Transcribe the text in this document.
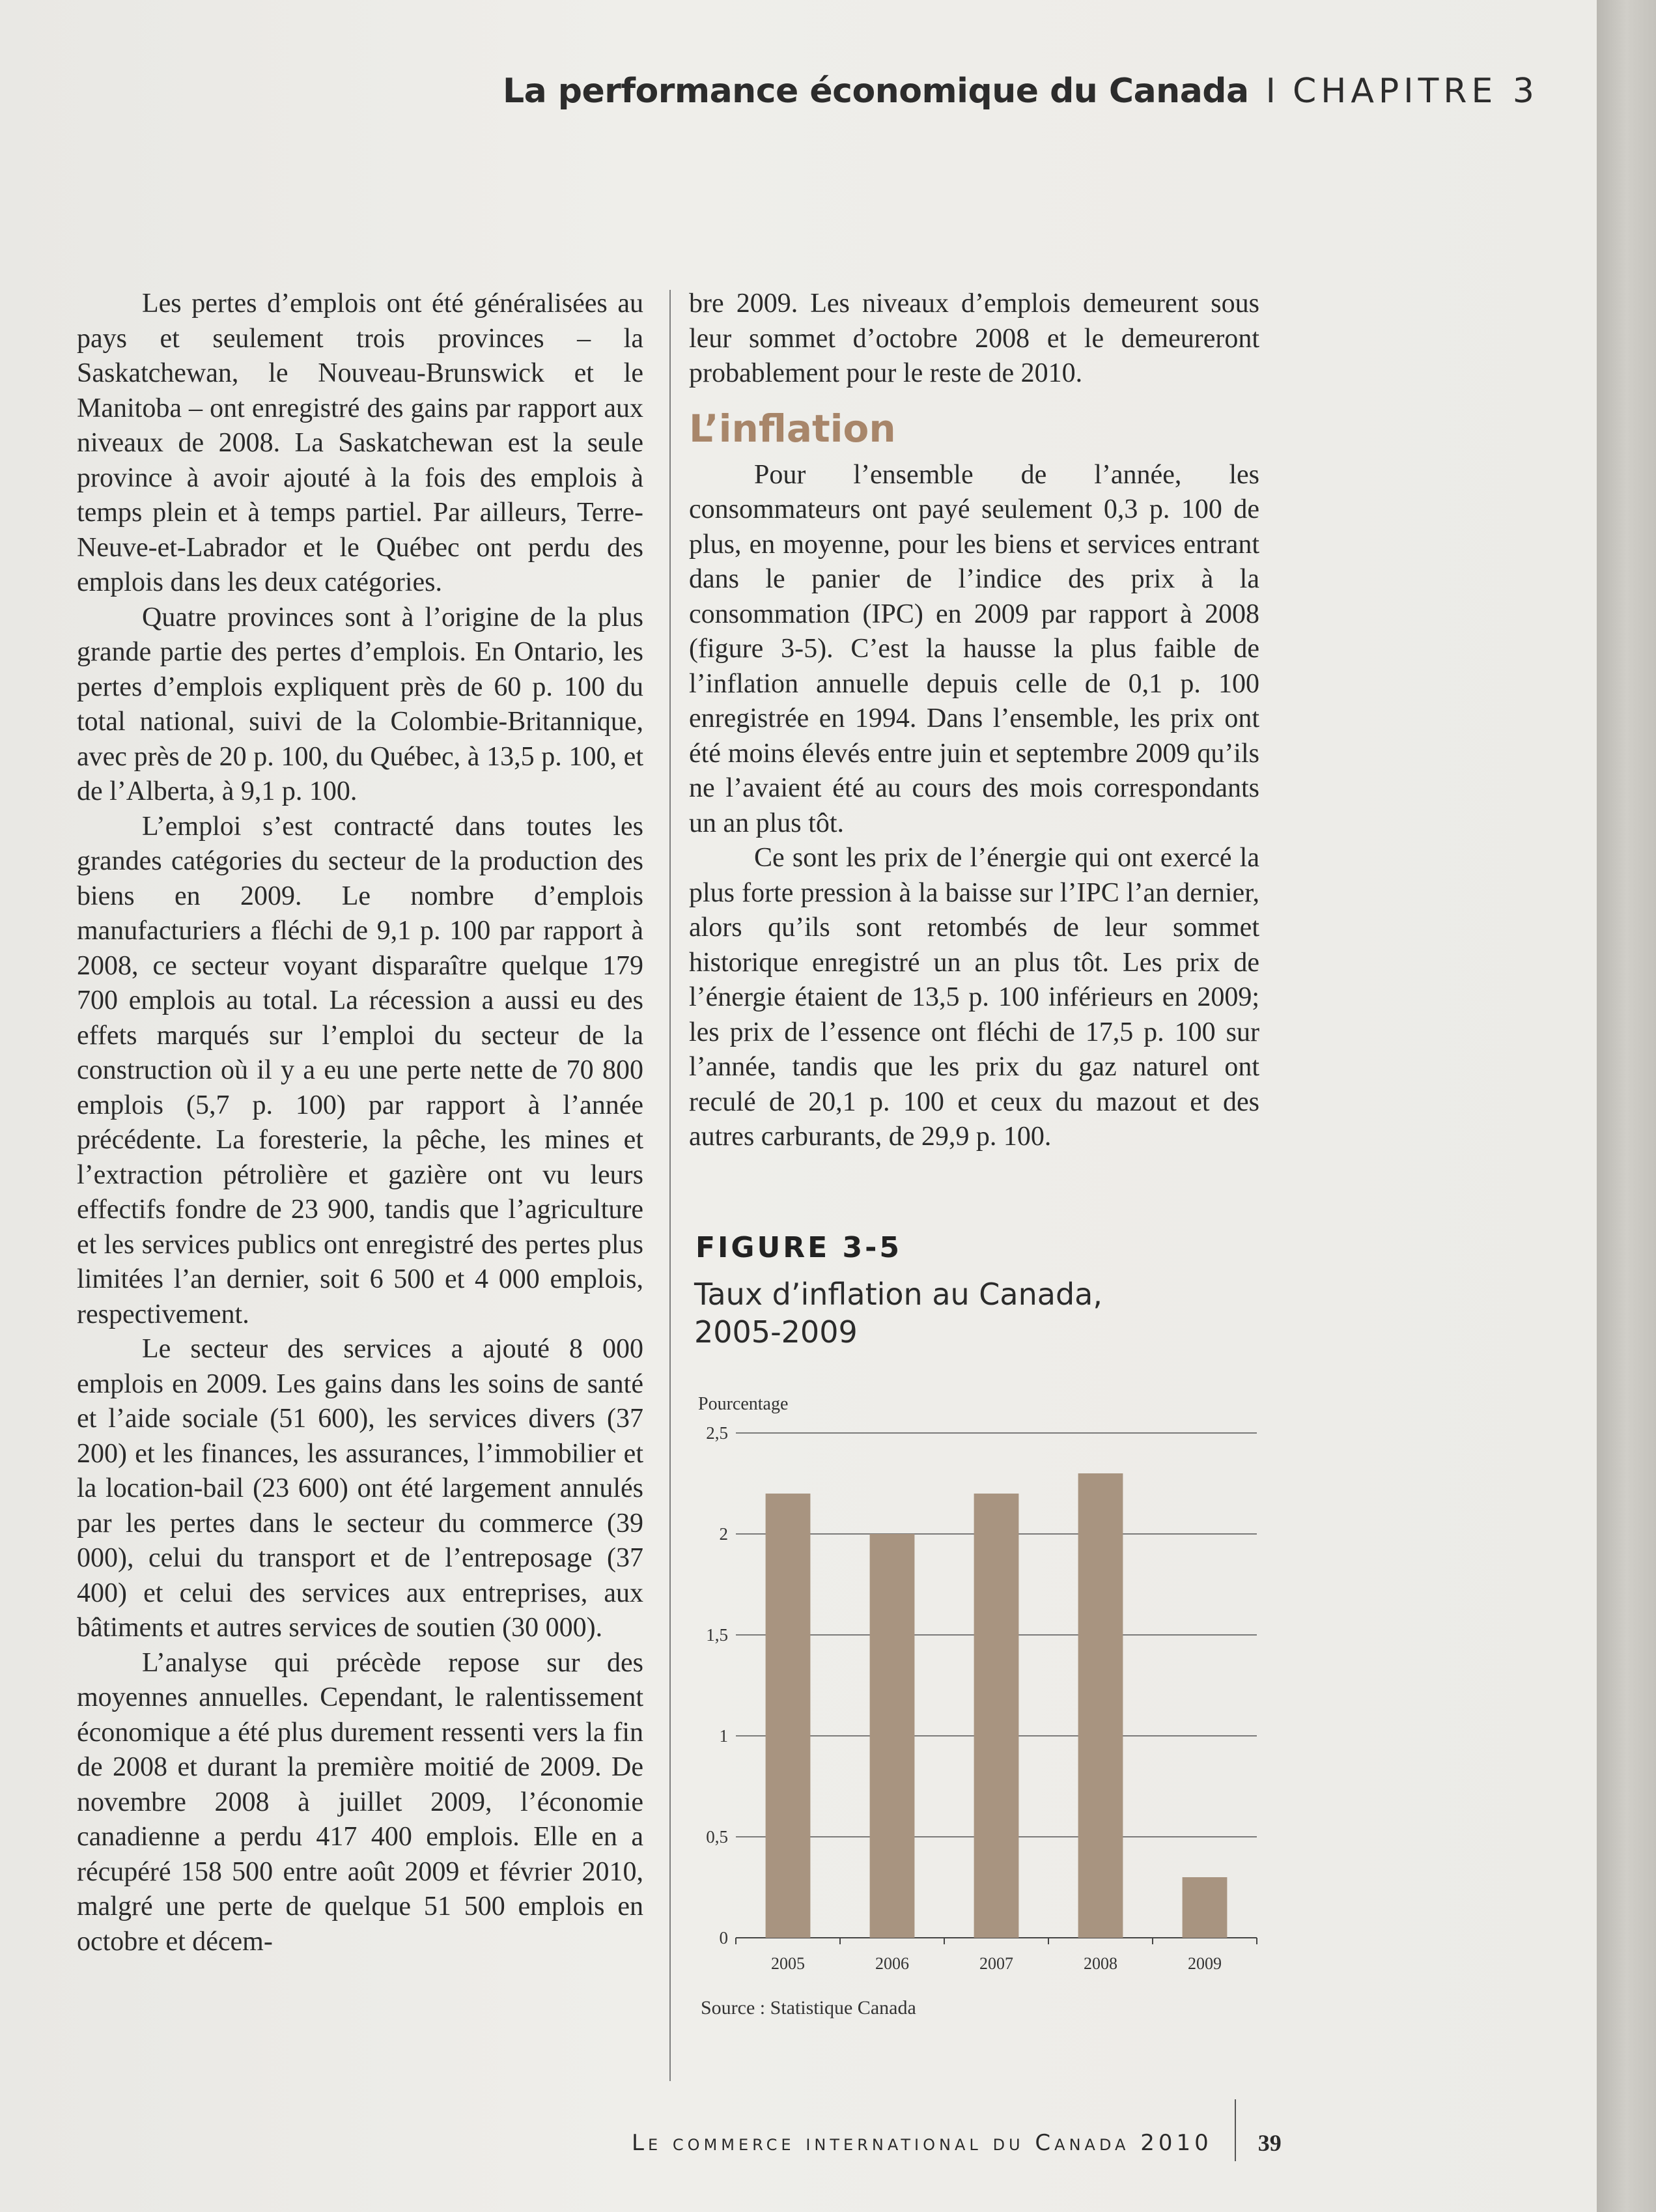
La performance économique du Canada I CHAPITRE 3

Les pertes d’emplois ont été généralisées au pays et seulement trois provinces – la Saskatchewan, le Nouveau-Brunswick et le Manitoba – ont enregistré des gains par rapport aux niveaux de 2008. La Saskatchewan est la seule province à avoir ajouté à la fois des emplois à temps plein et à temps partiel. Par ailleurs, Terre-Neuve-et-Labrador et le Québec ont perdu des emplois dans les deux catégories.

Quatre provinces sont à l’origine de la plus grande partie des pertes d’emplois. En Ontario, les pertes d’emplois expliquent près de 60 p. 100 du total national, suivi de la Colombie-Britannique, avec près de 20 p. 100, du Québec, à 13,5 p. 100, et de l’Alberta, à 9,1 p. 100.

L’emploi s’est contracté dans toutes les grandes catégories du secteur de la production des biens en 2009. Le nombre d’emplois manufacturiers a fléchi de 9,1 p. 100 par rapport à 2008, ce secteur voyant disparaître quelque 179 700 emplois au total. La récession a aussi eu des effets marqués sur l’emploi du secteur de la construction où il y a eu une perte nette de 70 800 emplois (5,7 p. 100) par rapport à l’année précédente. La foresterie, la pêche, les mines et l’extraction pétrolière et gazière ont vu leurs effectifs fondre de 23 900, tandis que l’agriculture et les services publics ont enregistré des pertes plus limitées l’an dernier, soit 6 500 et 4 000 emplois, respectivement.

Le secteur des services a ajouté 8 000 emplois en 2009. Les gains dans les soins de santé et l’aide sociale (51 600), les services divers (37 200) et les finances, les assurances, l’immobilier et la location-bail (23 600) ont été largement annulés par les pertes dans le secteur du commerce (39 000), celui du transport et de l’entreposage (37 400) et celui des services aux entreprises, aux bâtiments et autres services de soutien (30 000).

L’analyse qui précède repose sur des moyennes annuelles. Cependant, le ralentissement économique a été plus durement ressenti vers la fin de 2008 et durant la première moitié de 2009. De novembre 2008 à juillet 2009, l’économie canadienne a perdu 417 400 emplois. Elle en a récupéré 158 500 entre août 2009 et février 2010, malgré une perte de quelque 51 500 emplois en octobre et décem-

bre 2009. Les niveaux d’emplois demeurent sous leur sommet d’octobre 2008 et le demeureront probablement pour le reste de 2010.

L’inflation

Pour l’ensemble de l’année, les consommateurs ont payé seulement 0,3 p. 100 de plus, en moyenne, pour les biens et services entrant dans le panier de l’indice des prix à la consommation (IPC) en 2009 par rapport à 2008 (figure 3-5). C’est la hausse la plus faible de l’inflation annuelle depuis celle de 0,1 p. 100 enregistrée en 1994. Dans l’ensemble, les prix ont été moins élevés entre juin et septembre 2009 qu’ils ne l’avaient été au cours des mois correspondants un an plus tôt.

Ce sont les prix de l’énergie qui ont exercé la plus forte pression à la baisse sur l’IPC l’an dernier, alors qu’ils sont retombés de leur sommet historique enregistré un an plus tôt. Les prix de l’énergie étaient de 13,5 p. 100 inférieurs en 2009; les prix de l’essence ont fléchi de 17,5 p. 100 sur l’année, tandis que les prix du gaz naturel ont reculé de 20,1 p. 100 et ceux du mazout et des autres carburants, de 29,9 p. 100.

FIGURE 3-5
Taux d’inflation au Canada,
2005-2009
Pourcentage
0
0,5
1
1,5
2
2,5
2005	2006	2007	2008	2009
Source : Statistique Canada
Le commerce international du Canada 2010 39
